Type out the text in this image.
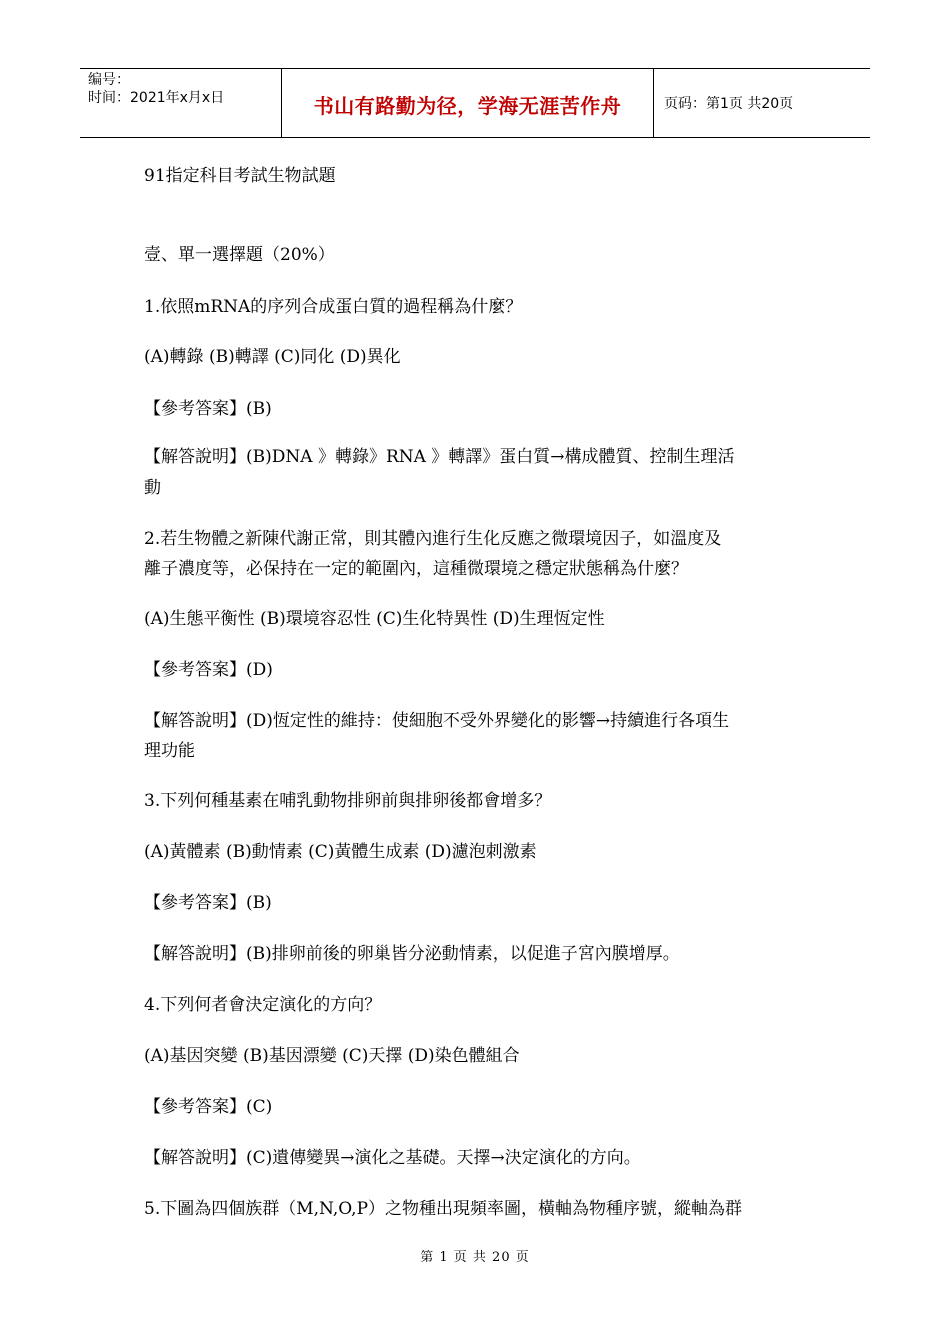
编号：
时间：2021年x月x日	书山有路勤为径，学海无涯苦作舟	页码：第1页 共20页
91指定科目考試生物試題
壹、單一選擇題（20%）
1.依照mRNA的序列合成蛋白質的過程稱為什麼？
(A)轉錄 (B)轉譯 (C)同化 (D)異化
【參考答案】(B)
【解答說明】(B)DNA 》轉錄》RNA 》轉譯》蛋白質→構成體質、控制生理活
動
2.若生物體之新陳代謝正常，則其體內進行生化反應之微環境因子，如溫度及
離子濃度等，必保持在一定的範圍內，這種微環境之穩定狀態稱為什麼？
(A)生態平衡性 (B)環境容忍性 (C)生化特異性 (D)生理恆定性
【參考答案】(D)
【解答說明】(D)恆定性的維持：使細胞不受外界變化的影響→持續進行各項生
理功能
3.下列何種基素在哺乳動物排卵前與排卵後都會增多？
(A)黃體素 (B)動情素 (C)黃體生成素 (D)濾泡刺激素
【參考答案】(B)
【解答說明】(B)排卵前後的卵巢皆分泌動情素，以促進子宮內膜增厚。
4.下列何者會決定演化的方向？
(A)基因突變 (B)基因漂變 (C)天擇 (D)染色體組合
【參考答案】(C)
【解答說明】(C)遺傳變異→演化之基礎。天擇→決定演化的方向。
5.下圖為四個族群（M,N,O,P）之物種出現頻率圖，橫軸為物種序號，縱軸為群
第 1 页 共 20 页
